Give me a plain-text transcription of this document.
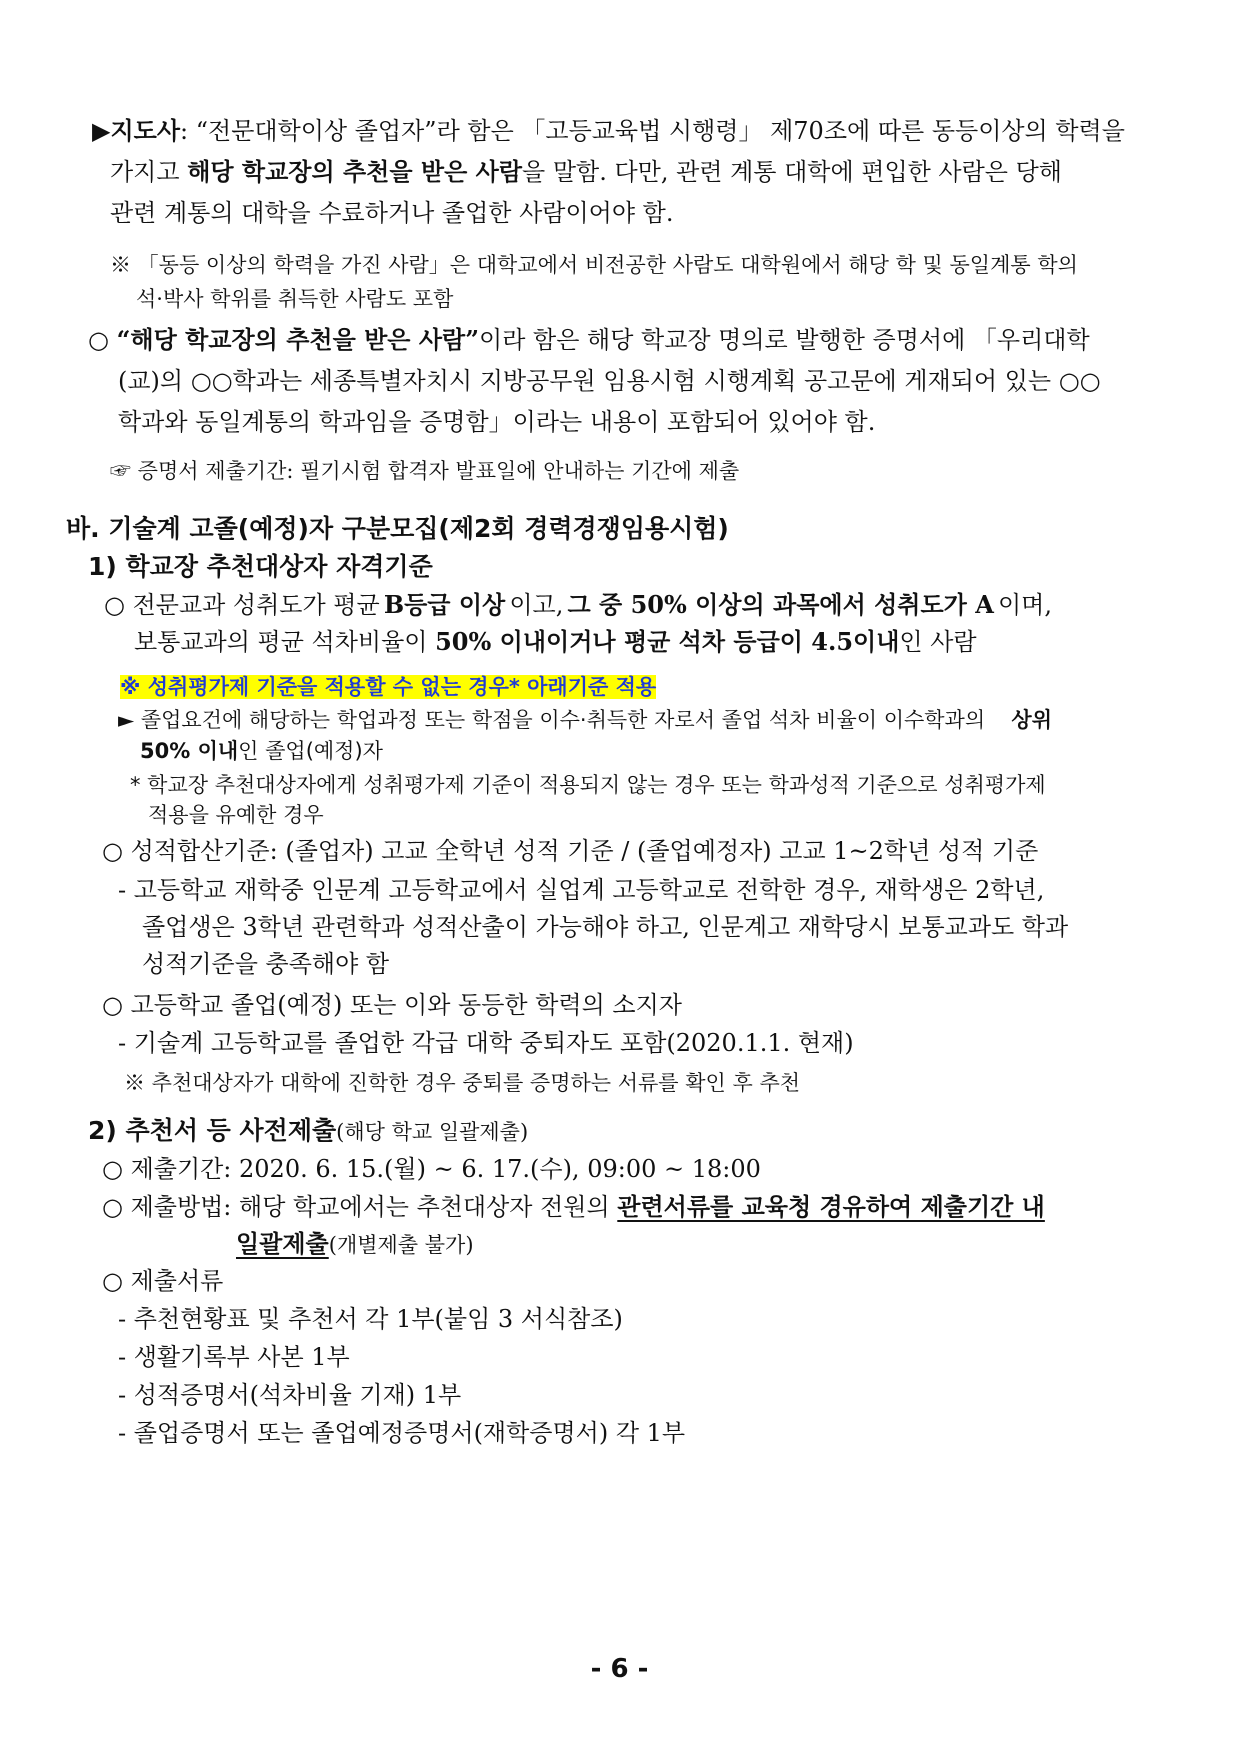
▶지도사 : “전문대학이상 졸업자”라 함은 「고등교육법 시행령」 제70조에 따른 동등이상의 학력을
가지고 해당 학교장의 추천을 받은 사람 을 말함. 다만, 관련 계통 대학에 편입한 사람은 당해
관련 계통의 대학을 수료하거나 졸업한 사람이어야 함.
※ 「동등 이상의 학력을 가진 사람」은 대학교에서 비전공한 사람도 대학원에서 해당 학 및 동일계통 학의
석·박사 학위를 취득한 사람도 포함
○ “해당 학교장의 추천을 받은 사람” 이라 함은 해당 학교장 명의로 발행한 증명서에 「우리대학
(교)의 ○○학과는 세종특별자치시 지방공무원 임용시험 시행계획 공고문에 게재되어 있는 ○○
학과와 동일계통의 학과임을 증명함」이라는 내용이 포함되어 있어야 함.
☞ 증명서 제출기간: 필기시험 합격자 발표일에 안내하는 기간에 제출
바. 기술계 고졸(예정)자 구분모집(제2회 경력경쟁임용시험)
1) 학교장 추천대상자 자격기준
○ 전문교과 성취도가 평균 B등급 이상 이고, 그 중 50% 이상의 과목에서 성취도가 A 이며,
보통교과의 평균 석차비율이 50% 이내이거나 평균 석차 등급이 4.5이내인 사람
※ 성취평가제 기준을 적용할 수 없는 경우* 아래기준 적용
► 졸업요건에 해당하는 학업과정 또는 학점을 이수·취득한 자로서 졸업 석차 비율이 이수학과의 상위
50% 이내인 졸업(예정)자
* 학교장 추천대상자에게 성취평가제 기준이 적용되지 않는 경우 또는 학과성적 기준으로 성취평가제
적용을 유예한 경우
○ 성적합산기준: (졸업자) 고교 全학년 성적 기준 / (졸업예정자) 고교 1~2학년 성적 기준
- 고등학교 재학중 인문계 고등학교에서 실업계 고등학교로 전학한 경우, 재학생은 2학년,
졸업생은 3학년 관련학과 성적산출이 가능해야 하고, 인문계고 재학당시 보통교과도 학과
성적기준을 충족해야 함
○ 고등학교 졸업(예정) 또는 이와 동등한 학력의 소지자
- 기술계 고등학교를 졸업한 각급 대학 중퇴자도 포함(2020.1.1. 현재)
※ 추천대상자가 대학에 진학한 경우 중퇴를 증명하는 서류를 확인 후 추천
2) 추천서 등 사전제출(해당 학교 일괄제출)
○ 제출기간: 2020. 6. 15.(월) ~ 6. 17.(수), 09:00 ~ 18:00
○ 제출방법: 해당 학교에서는 추천대상자 전원의 관련서류를 교육청 경유하여 제출기간 내
일괄제출(개별제출 불가)
○ 제출서류
- 추천현황표 및 추천서 각 1부(붙임 3 서식참조)
- 생활기록부 사본 1부
- 성적증명서(석차비율 기재) 1부
- 졸업증명서 또는 졸업예정증명서(재학증명서) 각 1부
- 6 -
